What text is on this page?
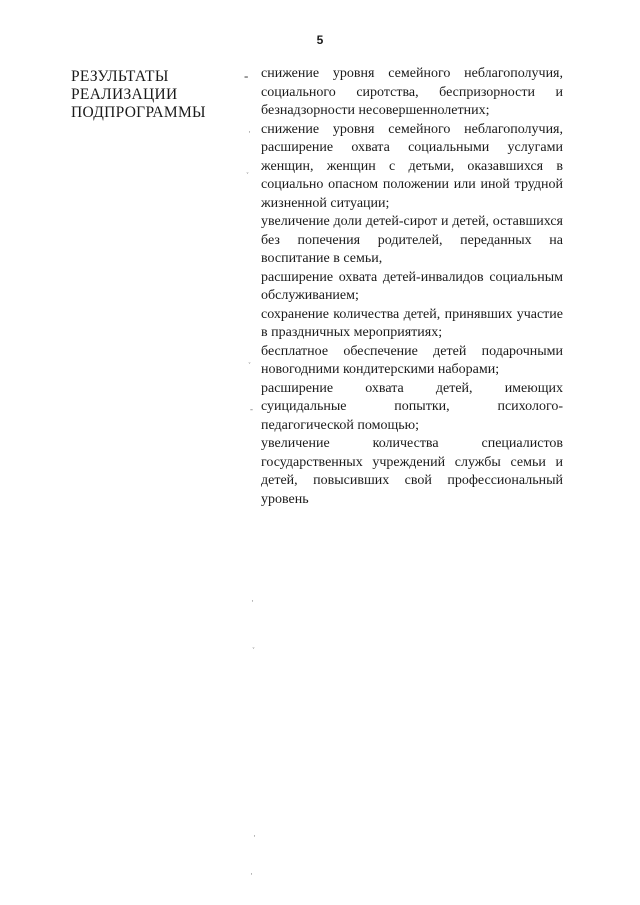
5
РЕЗУЛЬТАТЫ
РЕАЛИЗАЦИИ
ПОДПРОГРАММЫ
- снижение уровня семейного неблагополучия, социального сиротства, беспризорности и безнадзорности несовершеннолетних;

снижение уровня семейного неблагополучия, расширение охвата социальными услугами женщин, женщин с детьми, оказавшихся в социально опасном положении или иной трудной жизненной ситуации;

увеличение доли детей-сирот и детей, оставшихся без попечения родителей, переданных на воспитание в семьи,

расширение охвата детей-инвалидов социальным обслуживанием;

сохранение количества детей, принявших участие в праздничных мероприятиях;

бесплатное обеспечение детей подарочными новогодними кондитерскими наборами;

расширение охвата детей, имеющих суицидальные попытки, психолого-педагогической помощью;

увеличение количества специалистов государственных учреждений службы семьи и детей, повысивших свой профессиональный уровень

·
˯
˯
-
·
˯
·
·
